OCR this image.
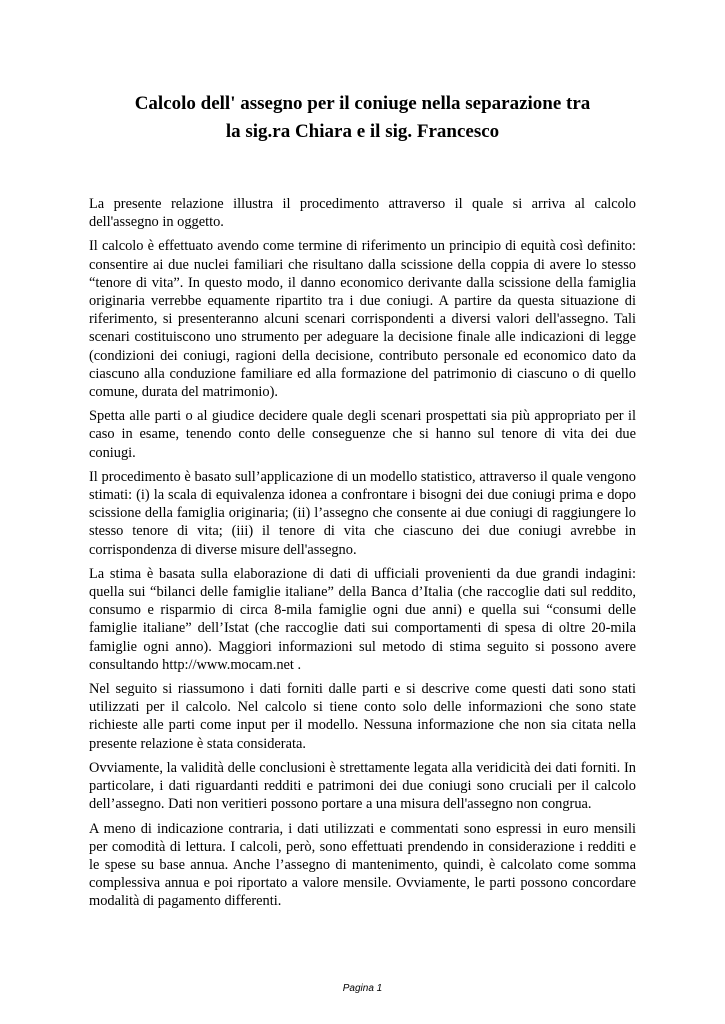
Calcolo dell' assegno per il coniuge nella separazione tra
la sig.ra Chiara e il sig. Francesco

La presente relazione illustra il procedimento attraverso il quale si arriva al calcolo dell'assegno in oggetto.

Il calcolo è effettuato avendo come termine di riferimento un principio di equità così definito: consentire ai due nuclei familiari che risultano dalla scissione della coppia di avere lo stesso “tenore di vita”. In questo modo, il danno economico derivante dalla scissione della famiglia originaria verrebbe equamente ripartito tra i due coniugi. A partire da questa situazione di riferimento, si presenteranno alcuni scenari corrispondenti a diversi valori dell'assegno. Tali scenari costituiscono uno strumento per adeguare la decisione finale alle indicazioni di legge (condizioni dei coniugi, ragioni della decisione, contributo personale ed economico dato da ciascuno alla conduzione familiare ed alla formazione del patrimonio di ciascuno o di quello comune, durata del matrimonio).

Spetta alle parti o al giudice decidere quale degli scenari prospettati sia più appropriato per il caso in esame, tenendo conto delle conseguenze che si hanno sul tenore di vita dei due coniugi.

Il procedimento è basato sull’applicazione di un modello statistico, attraverso il quale vengono stimati: (i) la scala di equivalenza idonea a confrontare i bisogni dei due coniugi prima e dopo scissione della famiglia originaria; (ii) l’assegno che consente ai due coniugi di raggiungere lo stesso tenore di vita; (iii) il tenore di vita che ciascuno dei due coniugi avrebbe in corrispondenza di diverse misure dell'assegno.

La stima è basata sulla elaborazione di dati di ufficiali provenienti da due grandi indagini: quella sui “bilanci delle famiglie italiane” della Banca d’Italia (che raccoglie dati sul reddito, consumo e risparmio di circa 8-mila famiglie ogni due anni) e quella sui “consumi delle famiglie italiane” dell’Istat (che raccoglie dati sui comportamenti di spesa di oltre 20-mila famiglie ogni anno). Maggiori informazioni sul metodo di stima seguito si possono avere consultando http://www.mocam.net .

Nel seguito si riassumono i dati forniti dalle parti e si descrive come questi dati sono stati utilizzati per il calcolo. Nel calcolo si tiene conto solo delle informazioni che sono state richieste alle parti come input per il modello. Nessuna informazione che non sia citata nella presente relazione è stata considerata.

Ovviamente, la validità delle conclusioni è strettamente legata alla veridicità dei dati forniti. In particolare, i dati riguardanti redditi e patrimoni dei due coniugi sono cruciali per il calcolo dell’assegno. Dati non veritieri possono portare a una misura dell'assegno non congrua.

A meno di indicazione contraria, i dati utilizzati e commentati sono espressi in euro mensili per comodità di lettura. I calcoli, però, sono effettuati prendendo in considerazione i redditi e le spese su base annua. Anche l’assegno di mantenimento, quindi, è calcolato come somma complessiva annua e poi riportato a valore mensile. Ovviamente, le parti possono concordare modalità di pagamento differenti.

Pagina 1
